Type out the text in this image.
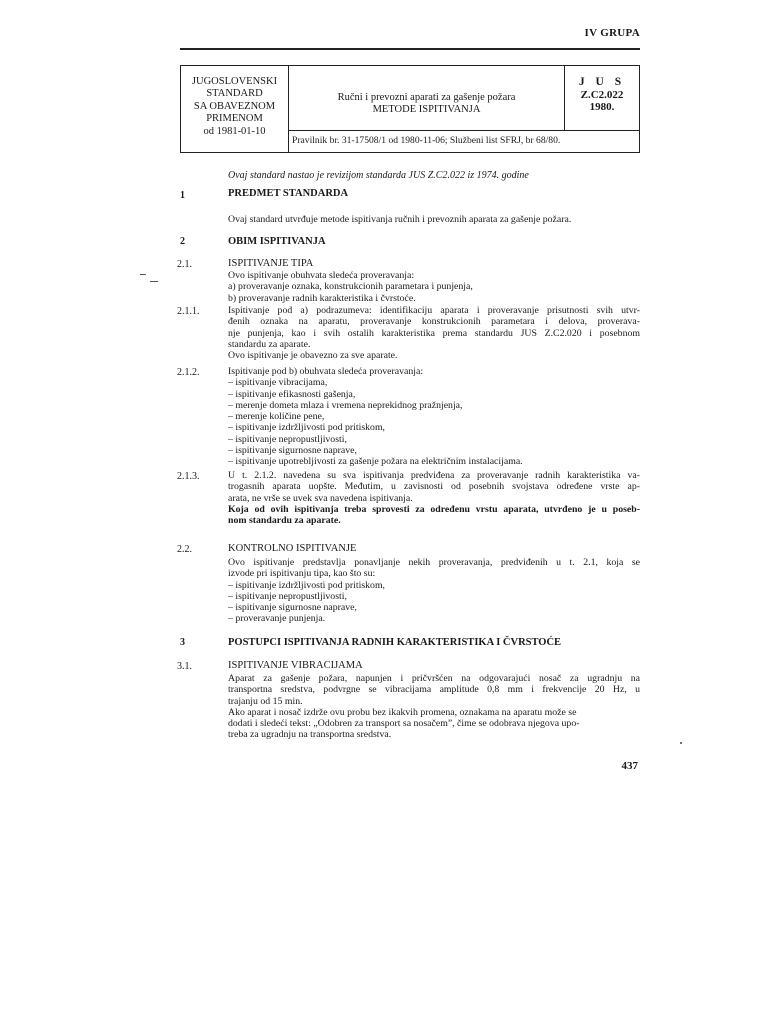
IV GRUPA
JUGOSLOVENSKI
STANDARD
SA OBAVEZNOM
PRIMENOM
od 1981-01-10
Ručni i prevozni aparati za gašenje požara
METODE ISPITIVANJA
J U S
Z.C2.022
1980.
Pravilnik br. 31-17508/1 od 1980-11-06; Službeni list SFRJ, br 68/80.
Ovaj standard nastao je revizijom standarda JUS Z.C2.022 iz 1974. godine
1	PREDMET STANDARDA
Ovaj standard utvrđuje metode ispitivanja ručnih i prevoznih aparata za gašenje požara.
2	OBIM ISPITIVANJA
2.1.	ISPITIVANJE TIPA
Ovo ispitivanje obuhvata sledeća proveravanja:
a) proveravanje oznaka, konstrukcionih parametara i punjenja,
b) proveravanje radnih karakteristika i čvrstoće.
2.1.1.	Ispitivanje pod a) podrazumeva: identifikaciju aparata i proveravanje prisutnosti svih utvr-
đenih oznaka na aparatu, proveravanje konstrukcionih parametara i delova, proverava-
nje punjenja, kao i svih ostalih karakteristika prema standardu JUS Z.C2.020 i posebnom
standardu za aparate.
Ovo ispitivanje je obavezno za sve aparate.
2.1.2.	Ispitivanje pod b) obuhvata sledeća proveravanja:
– ispitivanje vibracijama,
– ispitivanje efikasnosti gašenja,
– merenje dometa mlaza i vremena neprekidnog pražnjenja,
– merenje količine pene,
– ispitivanje izdržljivosti pod pritiskom,
– ispitivanje nepropustljivosti,
– ispitivanje sigurnosne naprave,
– ispitivanje upotrebljivosti za gašenje požara na električnim instalacijama.
2.1.3.	U t. 2.1.2. navedena su sva ispitivanja predviđena za proveravanje radnih karakteristika va-
trogasnih aparata uopšte. Međutim, u zavisnosti od posebnih svojstava određene vrste ap-
arata, ne vrše se uvek sva navedena ispitivanja.
Koja od ovih ispitivanja treba sprovesti za određenu vrstu aparata, utvrđeno je u poseb-
nom standardu za aparate.
2.2.	KONTROLNO ISPITIVANJE
Ovo ispitivanje predstavlja ponavljanje nekih proveravanja, predviđenih u t. 2.1, koja se
izvode pri ispitivanju tipa, kao što su:
– ispitivanje izdržljivosti pod pritiskom,
– ispitivanje nepropustljivosti,
– ispitivanje sigurnosne naprave,
– proveravanje punjenja.
3	POSTUPCI ISPITIVANJA RADNIH KARAKTERISTIKA I ČVRSTOĆE
3.1.	ISPITIVANJE VIBRACIJAMA
Aparat za gašenje požara, napunjen i pričvršćen na odgovarajući nosač za ugradnju na
transportna sredstva, podvrgne se vibracijama amplitude 0,8 mm i frekvencije 20 Hz, u
trajanju od 15 min.
Ako aparat i nosač izdrže ovu probu bez ikakvih promena, oznakama na aparatu može se
dodati i sledeći tekst: „Odobren za transport sa nosačem”, čime se odobrava njegova upo-
treba za ugradnju na transportna sredstva.
437
